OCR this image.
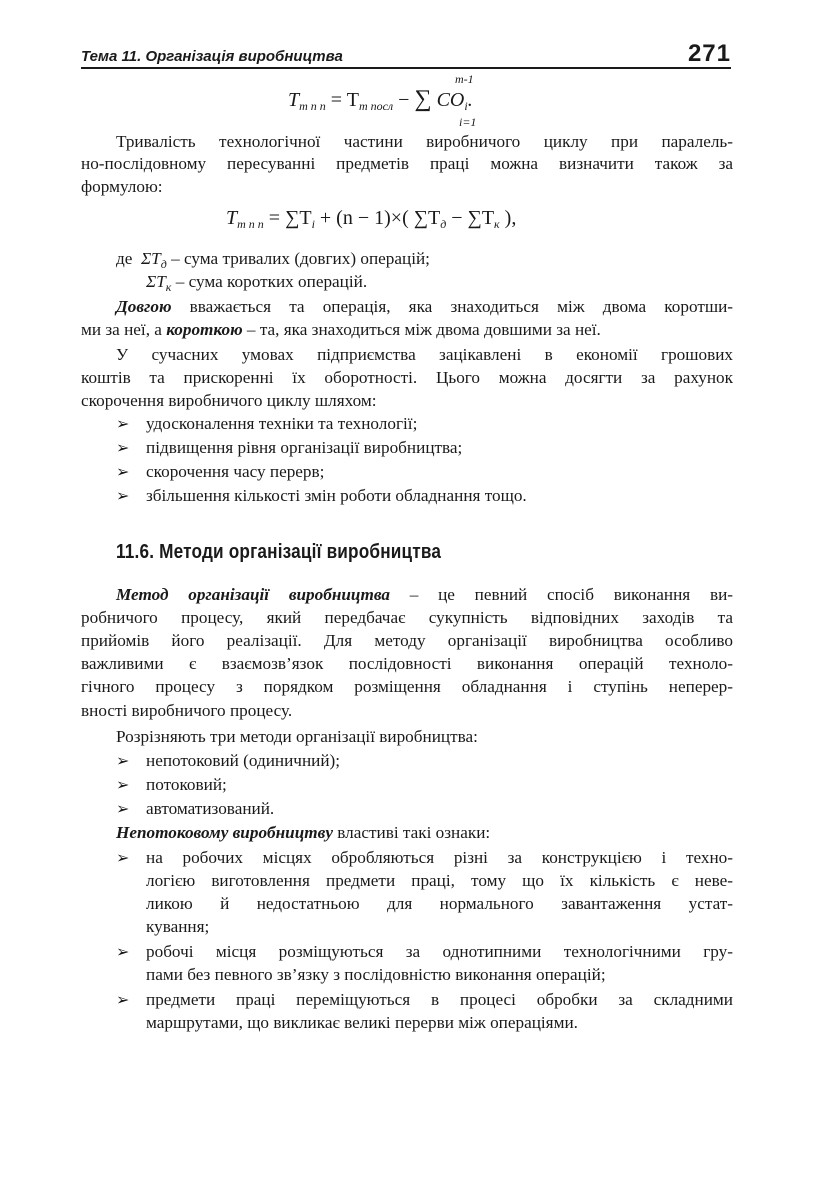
Тема 11. Організація виробництва	271
m-1
$T_{m n n} = T_{m посл}$ − ∑ $CO_i$.
i=1
Тривалість технологічної частини виробничого циклу при паралель-
но-послідовному пересуванні предметів праці можна визначити також за
формулою:
$T_{m n n} = \sum T_i + (n - 1)\times$( $\sum T_д - \sum T_к$ ),
де $\Sigma T_д$ – сума тривалих (довгих) операцій;
$\Sigma T_к$ – сума коротких операцій.
Довгою вважається та операція, яка знаходиться між двома коротши-
ми за неї, а короткою – та, яка знаходиться між двома довшими за неї.
У сучасних умовах підприємства зацікавлені в економії грошових
коштів та прискоренні їх оборотності. Цього можна досягти за рахунок
скорочення виробничого циклу шляхом:
➢ удосконалення техніки та технології;
➢ підвищення рівня організації виробництва;
➢ скорочення часу перерв;
➢ збільшення кількості змін роботи обладнання тощо.
11.6. Методи організації виробництва
Метод організації виробництва – це певний спосіб виконання ви-
робничого процесу, який передбачає сукупність відповідних заходів та
прийомів його реалізації. Для методу організації виробництва особливо
важливими є взаємозв’язок послідовності виконання операцій техноло-
гічного процесу з порядком розміщення обладнання і ступінь неперер-
вності виробничого процесу.
Розрізняють три методи організації виробництва:
➢ непотоковий (одиничний);
➢ потоковий;
➢ автоматизований.
Непотоковому виробництву властиві такі ознаки:
➢ на робочих місцях обробляються різні за конструкцією і техно-
логією виготовлення предмети праці, тому що їх кількість є неве-
ликою й недостатньою для нормального завантаження устат-
кування;
➢ робочі місця розміщуються за однотипними технологічними гру-
пами без певного зв’язку з послідовністю виконання операцій;
➢ предмети праці переміщуються в процесі обробки за складними
маршрутами, що викликає великі перерви між операціями.
